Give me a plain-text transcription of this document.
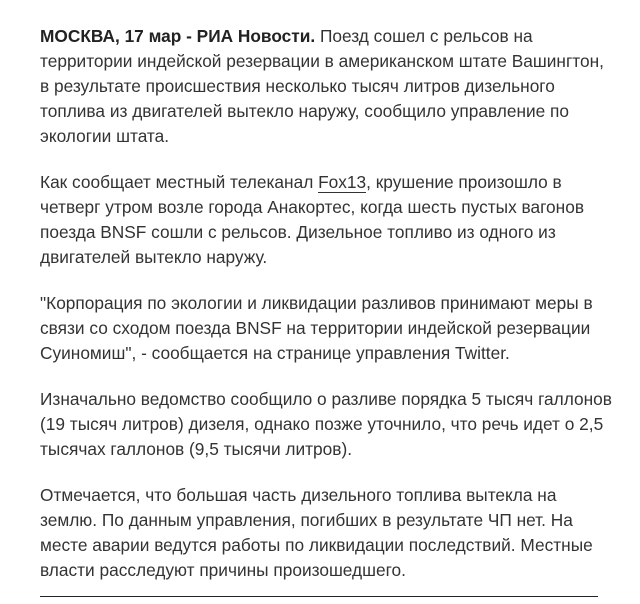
МОСКВА, 17 мар - РИА Новости. Поезд сошел с рельсов на территории индейской резервации в американском штате Вашингтон, в результате происшествия несколько тысяч литров дизельного топлива из двигателей вытекло наружу, сообщило управление по экологии штата.

Как сообщает местный телеканал Fox13, крушение произошло в четверг утром возле города Анакортес, когда шесть пустых вагонов поезда BNSF сошли с рельсов. Дизельное топливо из одного из двигателей вытекло наружу.

"Корпорация по экологии и ликвидации разливов принимают меры в связи со сходом поезда BNSF на территории индейской резервации Суиномиш", - сообщается на странице управления Twitter.

Изначально ведомство сообщило о разливе порядка 5 тысяч галлонов (19 тысяч литров) дизеля, однако позже уточнило, что речь идет о 2,5 тысячах галлонов (9,5 тысячи литров).

Отмечается, что большая часть дизельного топлива вытекла на землю. По данным управления, погибших в результате ЧП нет. На месте аварии ведутся работы по ликвидации последствий. Местные власти расследуют причины произошедшего.
